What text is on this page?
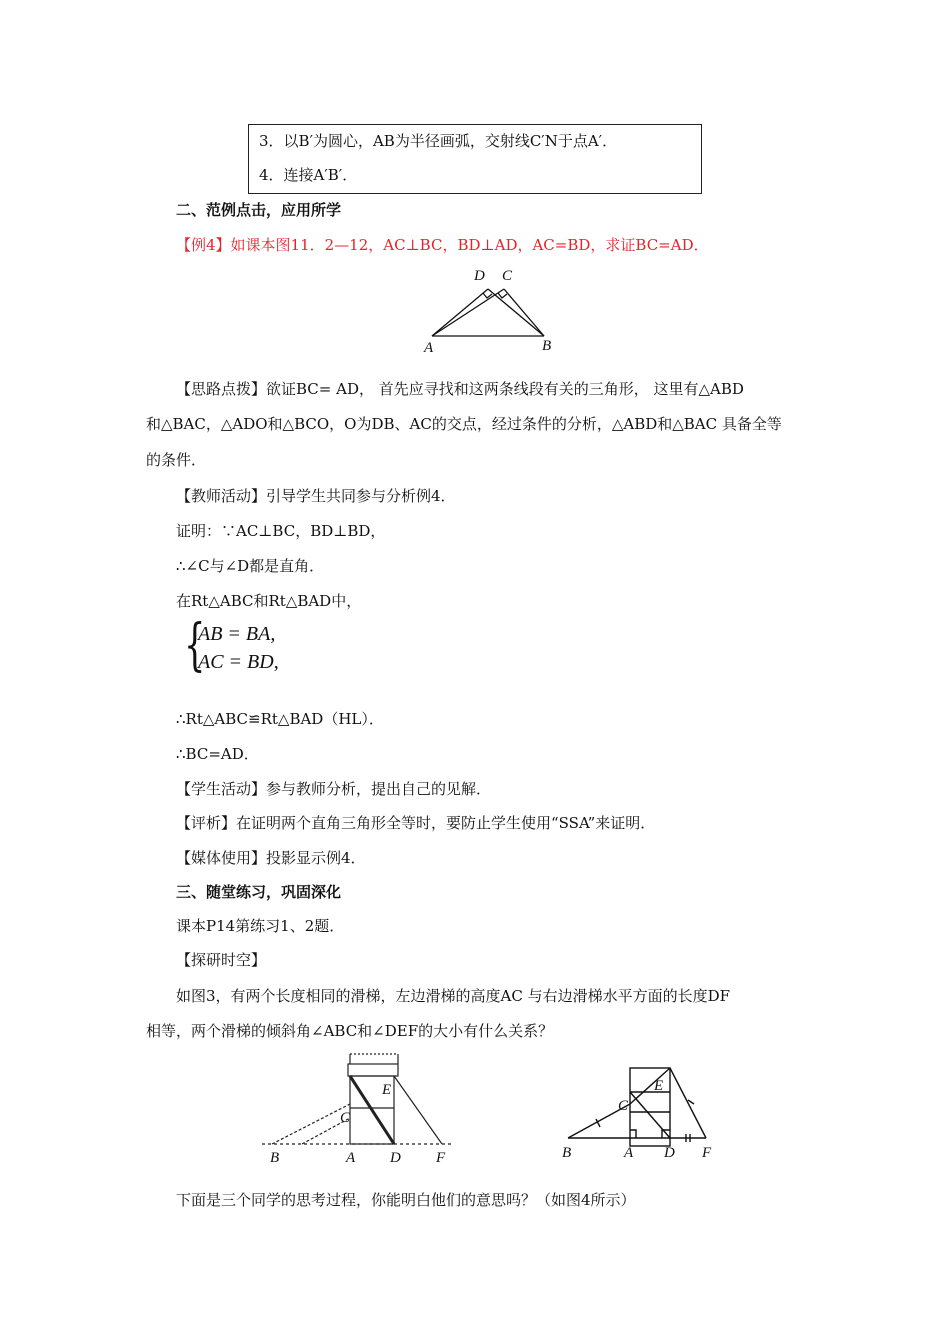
3．以B′为圆心，AB为半径画弧，交射线C′N于点A′．
4．连接A′B′．
二、范例点击，应用所学
【例4】如课本图11．2—12，AC⊥BC，BD⊥AD，AC=BD，求证BC=AD．
D C
A	B
【思路点拨】欲证BC= AD， 首先应寻找和这两条线段有关的三角形， 这里有△ABD
和△BAC，△ADO和△BCO，O为DB、AC的交点，经过条件的分析，△ABD和△BAC 具备全等
的条件．
【教师活动】引导学生共同参与分析例4．
证明：∵AC⊥BC，BD⊥BD，
∴∠C与∠D都是直角．
在Rt△ABC和Rt△BAD中，
{
AB = BA,
AC = BD,
∴Rt△ABC≌Rt△BAD（HL）．
∴BC=AD．
【学生活动】参与教师分析，提出自己的见解．
【评析】在证明两个直角三角形全等时，要防止学生使用“SSA”来证明．
【媒体使用】投影显示例4．
三、随堂练习，巩固深化
课本P14第练习1、2题．
【探研时空】
如图3，有两个长度相同的滑梯，左边滑梯的高度AC 与右边滑梯水平方面的长度DF
相等，两个滑梯的倾斜角∠ABC和∠DEF的大小有什么关系？
B	A D F
C
E
B	A D F
C
E
下面是三个同学的思考过程，你能明白他们的意思吗？（如图4所示）
